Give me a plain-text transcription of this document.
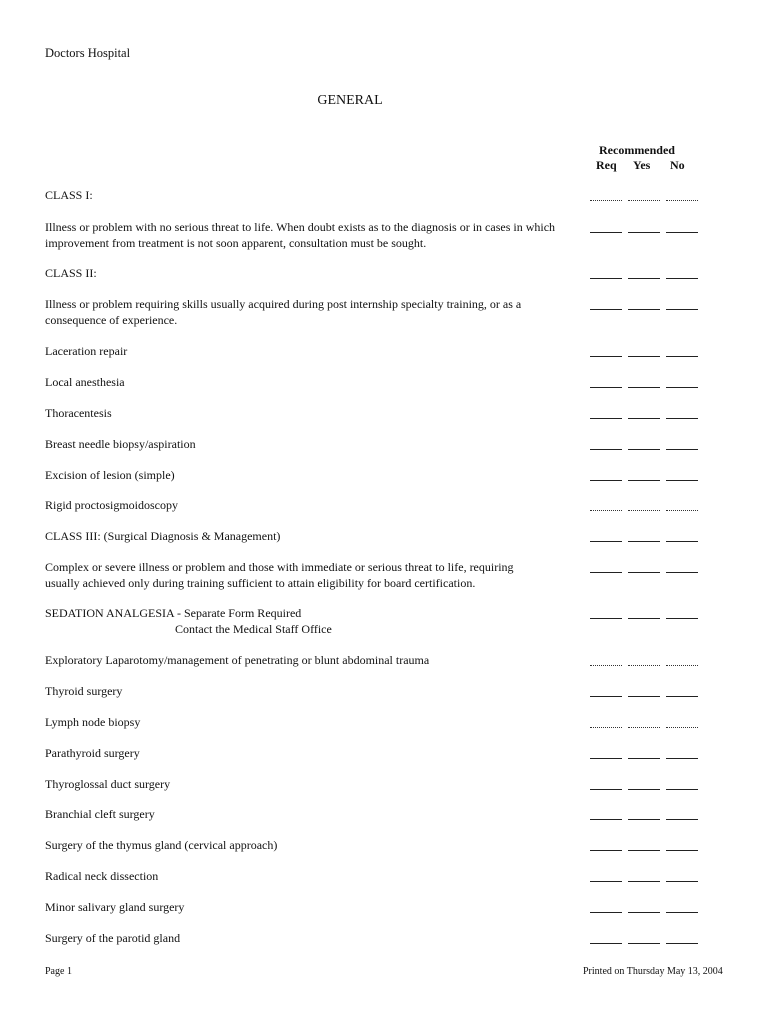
Doctors Hospital
GENERAL
Recommended
Req Yes No
CLASS I:
Illness or problem with no serious threat to life. When doubt exists as to the diagnosis or in cases in which
improvement from treatment is not soon apparent, consultation must be sought.
CLASS II:
Illness or problem requiring skills usually acquired during post internship specialty training, or as a
consequence of experience.
Laceration repair
Local anesthesia
Thoracentesis
Breast needle biopsy/aspiration
Excision of lesion (simple)
Rigid proctosigmoidoscopy
CLASS III: (Surgical Diagnosis & Management)
Complex or severe illness or problem and those with immediate or serious threat to life, requiring
usually achieved only during training sufficient to attain eligibility for board certification.
SEDATION ANALGESIA - Separate Form Required
Contact the Medical Staff Office
Exploratory Laparotomy/management of penetrating or blunt abdominal trauma
Thyroid surgery
Lymph node biopsy
Parathyroid surgery
Thyroglossal duct surgery
Branchial cleft surgery
Surgery of the thymus gland (cervical approach)
Radical neck dissection
Minor salivary gland surgery
Surgery of the parotid gland
Page 1	Printed on Thursday May 13, 2004
